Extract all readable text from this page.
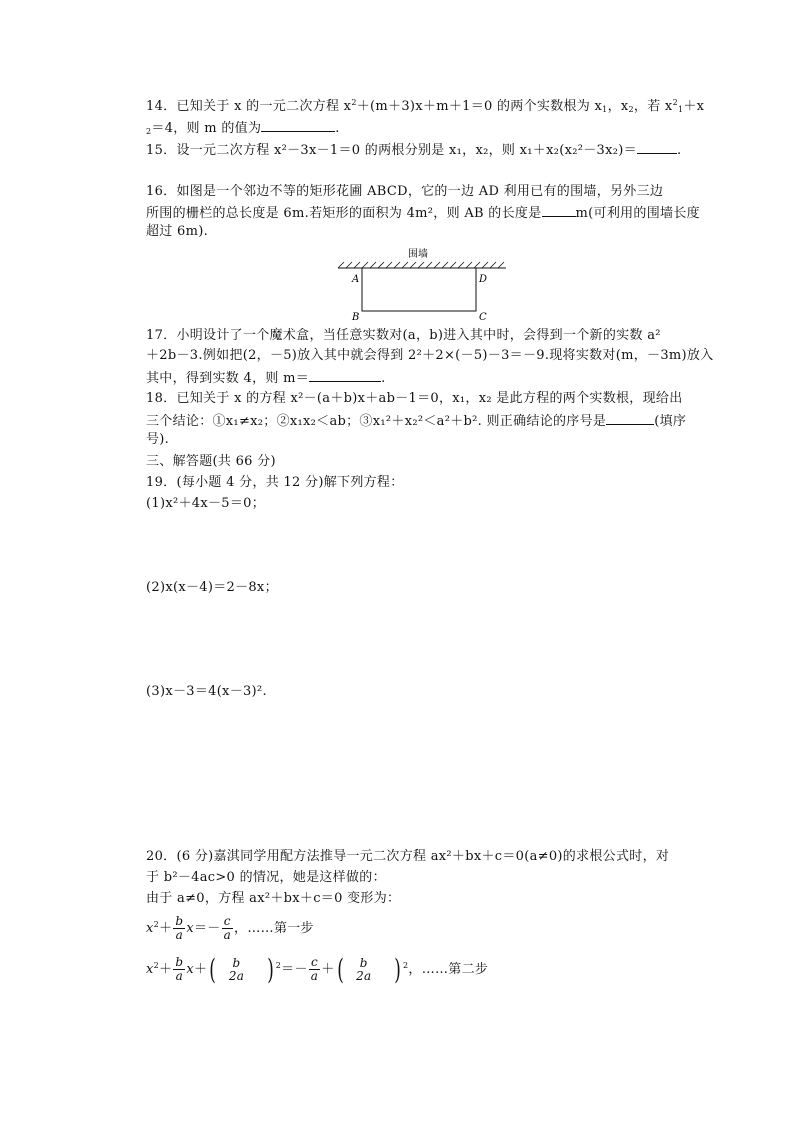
14．已知关于 x 的一元二次方程 $x^2+(m+3)x+m+1=0$ 的两个实数根为 $x_1$，$x_2$，若 $x^2_1+x$
$_2$＝4，则 m 的值为	.
15．设一元二次方程 x²－3x－1＝0 的两根分别是 x₁，x₂，则 x₁＋x₂(x₂²－3x₂)＝	.
16．如图是一个邻边不等的矩形花圃 ABCD，它的一边 AD 利用已有的围墙，另外三边
所围的栅栏的总长度是 6m.若矩形的面积为 4m²，则 AB 的长度是	m(可利用的围墙长度
超过 6m).
围墙
A	D
B	C
17．小明设计了一个魔术盒，当任意实数对(a，b)进入其中时，会得到一个新的实数 a²
＋2b－3.例如把(2，－5)放入其中就会得到 2²＋2×(－5)－3＝－9.现将实数对(m，－3m)放入
其中，得到实数 4，则 m＝	.
18．已知关于 x 的方程 x²－(a＋b)x＋ab－1＝0，x₁，x₂ 是此方程的两个实数根，现给出
三个结论：①x₁≠x₂；②x₁x₂＜ab；③x₁²＋x₂²＜a²＋b². 则正确结论的序号是	(填序
号).
三、解答题(共 66 分)
19．(每小题 4 分，共 12 分)解下列方程：
(1)x²＋4x－5＝0；
(2)x(x－4)＝2－8x；
(3)x－3＝4(x－3)².
20．(6 分)嘉淇同学用配方法推导一元二次方程 ax²＋bx＋c＝0(a≠0)的求根公式时，对
于 b²－4ac>0 的情况，她是这样做的：
由于 a≠0，方程 ax²＋bx＋c＝0 变形为：
$x^2+ \frac{b}{a} x=- \frac{c}{a}$ ，……第一步
$x^2+ \frac{b}{a} x+$(	b
2a ) $^2=- \frac{c}{a}$ ＋(	b
2a ) $^2$，……第二步
